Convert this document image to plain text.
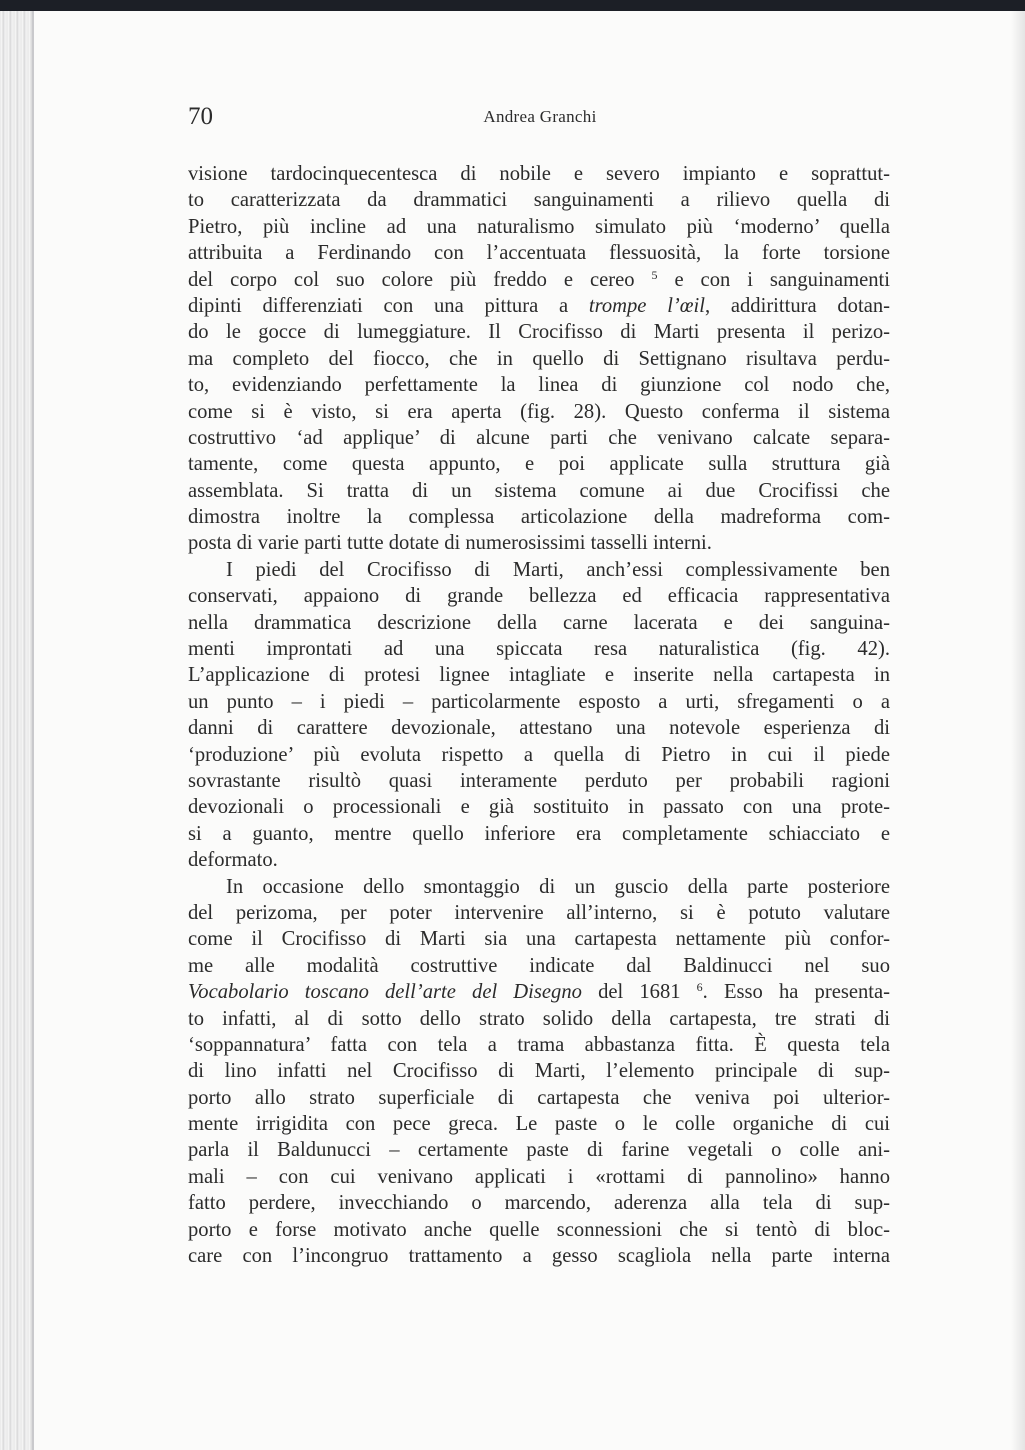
70	Andrea Granchi
visione tardocinquecentesca di nobile e severo impianto e soprattut-
to caratterizzata da drammatici sanguinamenti a rilievo quella di
Pietro, più incline ad una naturalismo simulato più ‘moderno’ quella
attribuita a Ferdinando con l’accentuata flessuosità, la forte torsione
del corpo col suo colore più freddo e cereo $^5$ e con i sanguinamenti
dipinti differenziati con una pittura a trompe l’œil, addirittura dotan-
do le gocce di lumeggiature. Il Crocifisso di Marti presenta il perizo-
ma completo del fiocco, che in quello di Settignano risultava perdu-
to, evidenziando perfettamente la linea di giunzione col nodo che,
come si è visto, si era aperta (fig. 28). Questo conferma il sistema
costruttivo ‘ad applique’ di alcune parti che venivano calcate separa-
tamente, come questa appunto, e poi applicate sulla struttura già
assemblata. Si tratta di un sistema comune ai due Crocifissi che
dimostra inoltre la complessa articolazione della madreforma com-
posta di varie parti tutte dotate di numerosissimi tasselli interni.
I piedi del Crocifisso di Marti, anch’essi complessivamente ben
conservati, appaiono di grande bellezza ed efficacia rappresentativa
nella drammatica descrizione della carne lacerata e dei sanguina-
menti improntati ad una spiccata resa naturalistica (fig. 42).
L’applicazione di protesi lignee intagliate e inserite nella cartapesta in
un punto – i piedi – particolarmente esposto a urti, sfregamenti o a
danni di carattere devozionale, attestano una notevole esperienza di
‘produzione’ più evoluta rispetto a quella di Pietro in cui il piede
sovrastante risultò quasi interamente perduto per probabili ragioni
devozionali o processionali e già sostituito in passato con una prote-
si a guanto, mentre quello inferiore era completamente schiacciato e
deformato.
In occasione dello smontaggio di un guscio della parte posteriore
del perizoma, per poter intervenire all’interno, si è potuto valutare
come il Crocifisso di Marti sia una cartapesta nettamente più confor-
me alle modalità costruttive indicate dal Baldinucci nel suo
Vocabolario toscano dell’arte del Disegno del 1681 $^6$. Esso ha presenta-
to infatti, al di sotto dello strato solido della cartapesta, tre strati di
‘soppannatura’ fatta con tela a trama abbastanza fitta. È questa tela
di lino infatti nel Crocifisso di Marti, l’elemento principale di sup-
porto allo strato superficiale di cartapesta che veniva poi ulterior-
mente irrigidita con pece greca. Le paste o le colle organiche di cui
parla il Baldunucci – certamente paste di farine vegetali o colle ani-
mali – con cui venivano applicati i «rottami di pannolino» hanno
fatto perdere, invecchiando o marcendo, aderenza alla tela di sup-
porto e forse motivato anche quelle sconnessioni che si tentò di bloc-
care con l’incongruo trattamento a gesso scagliola nella parte interna
